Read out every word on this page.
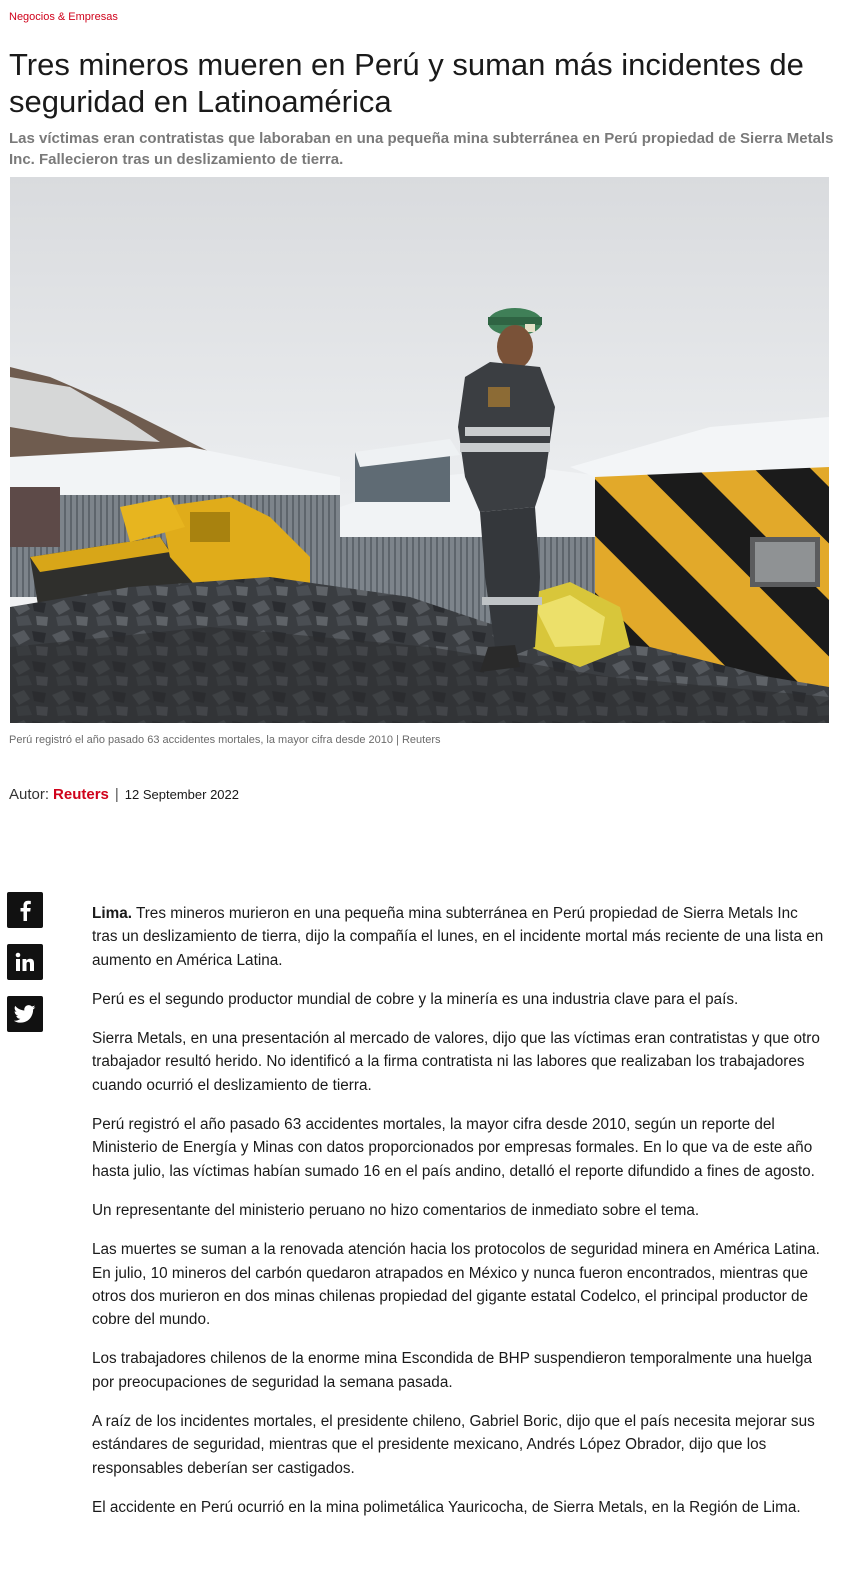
Negocios & Empresas
Tres mineros mueren en Perú y suman más incidentes de seguridad en Latinoamérica

Las víctimas eran contratistas que laboraban en una pequeña mina subterránea en Perú propiedad de Sierra Metals Inc. Fallecieron tras un deslizamiento de tierra.

Perú registró el año pasado 63 accidentes mortales, la mayor cifra desde 2010 | Reuters
Autor: Reuters | 12 September 2022

Lima. Tres mineros murieron en una pequeña mina subterránea en Perú propiedad de Sierra Metals Inc tras un deslizamiento de tierra, dijo la compañía el lunes, en el incidente mortal más reciente de una lista en aumento en América Latina.

Perú es el segundo productor mundial de cobre y la minería es una industria clave para el país.

Sierra Metals, en una presentación al mercado de valores, dijo que las víctimas eran contratistas y que otro trabajador resultó herido. No identificó a la firma contratista ni las labores que realizaban los trabajadores cuando ocurrió el deslizamiento de tierra.

Perú registró el año pasado 63 accidentes mortales, la mayor cifra desde 2010, según un reporte del Ministerio de Energía y Minas con datos proporcionados por empresas formales. En lo que va de este año hasta julio, las víctimas habían sumado 16 en el país andino, detalló el reporte difundido a fines de agosto.

Un representante del ministerio peruano no hizo comentarios de inmediato sobre el tema.

Las muertes se suman a la renovada atención hacia los protocolos de seguridad minera en América Latina. En julio, 10 mineros del carbón quedaron atrapados en México y nunca fueron encontrados, mientras que otros dos murieron en dos minas chilenas propiedad del gigante estatal Codelco, el principal productor de cobre del mundo.

Los trabajadores chilenos de la enorme mina Escondida de BHP suspendieron temporalmente una huelga por preocupaciones de seguridad la semana pasada.

A raíz de los incidentes mortales, el presidente chileno, Gabriel Boric, dijo que el país necesita mejorar sus estándares de seguridad, mientras que el presidente mexicano, Andrés López Obrador, dijo que los responsables deberían ser castigados.

El accidente en Perú ocurrió en la mina polimetálica Yauricocha, de Sierra Metals, en la Región de Lima.
